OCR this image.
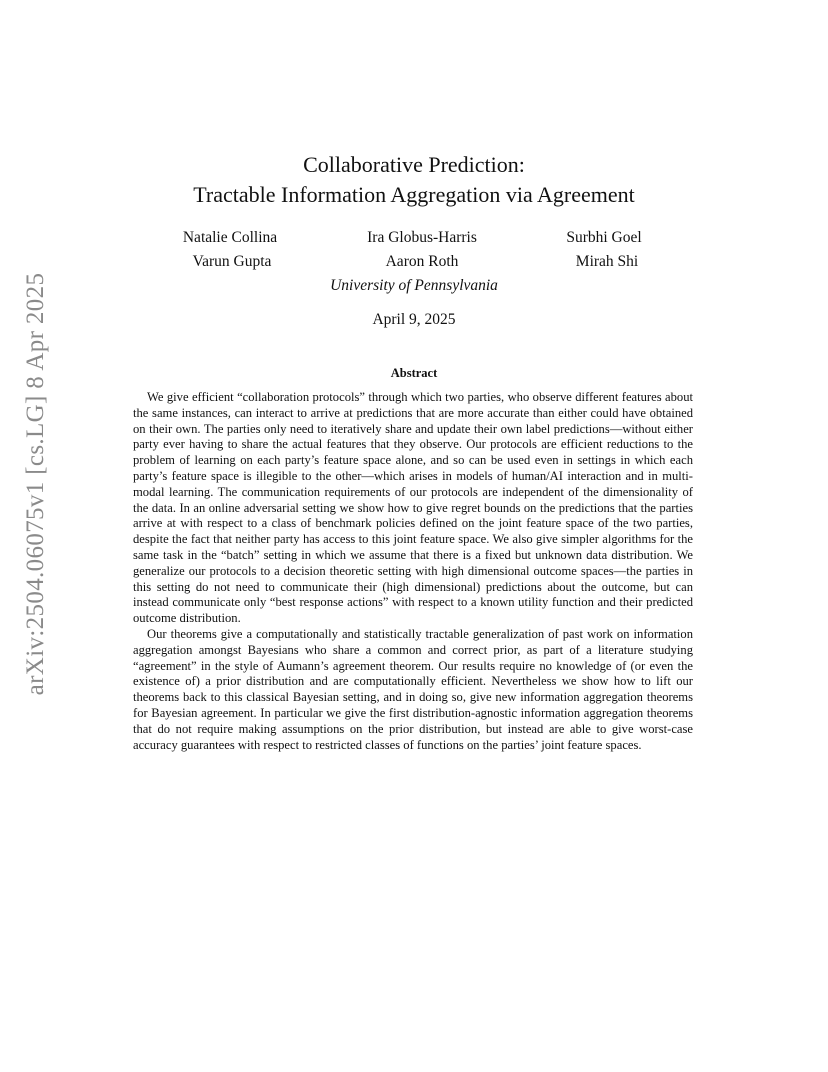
arXiv:2504.06075v1 [cs.LG] 8 Apr 2025
Collaborative Prediction:
Tractable Information Aggregation via Agreement
Natalie Collina	Ira Globus-Harris	Surbhi Goel
Varun Gupta	Aaron Roth	Mirah Shi
University of Pennsylvania
April 9, 2025
Abstract

We give efficient “collaboration protocols” through which two parties, who observe different features about the same instances, can interact to arrive at predictions that are more accurate than either could have obtained on their own. The parties only need to iteratively share and update their own label predictions—without either party ever having to share the actual features that they observe. Our protocols are efficient reductions to the problem of learning on each party’s feature space alone, and so can be used even in settings in which each party’s feature space is illegible to the other—which arises in models of human/AI interaction and in multi-modal learning. The communication requirements of our protocols are independent of the dimensionality of the data. In an online adversarial setting we show how to give regret bounds on the predictions that the parties arrive at with respect to a class of benchmark policies defined on the joint feature space of the two parties, despite the fact that neither party has access to this joint feature space. We also give simpler algorithms for the same task in the “batch” setting in which we assume that there is a fixed but unknown data distribution. We generalize our protocols to a decision theoretic setting with high dimensional outcome spaces—the parties in this setting do not need to communicate their (high dimensional) predictions about the outcome, but can instead communicate only “best response actions” with respect to a known utility function and their predicted outcome distribution.

Our theorems give a computationally and statistically tractable generalization of past work on information aggregation amongst Bayesians who share a common and correct prior, as part of a literature studying “agreement” in the style of Aumann’s agreement theorem. Our results require no knowledge of (or even the existence of) a prior distribution and are computationally efficient. Nevertheless we show how to lift our theorems back to this classical Bayesian setting, and in doing so, give new information aggregation theorems for Bayesian agreement. In particular we give the first distribution-agnostic information aggregation theorems that do not require making assumptions on the prior distribution, but instead are able to give worst-case accuracy guarantees with respect to restricted classes of functions on the parties’ joint feature spaces.
